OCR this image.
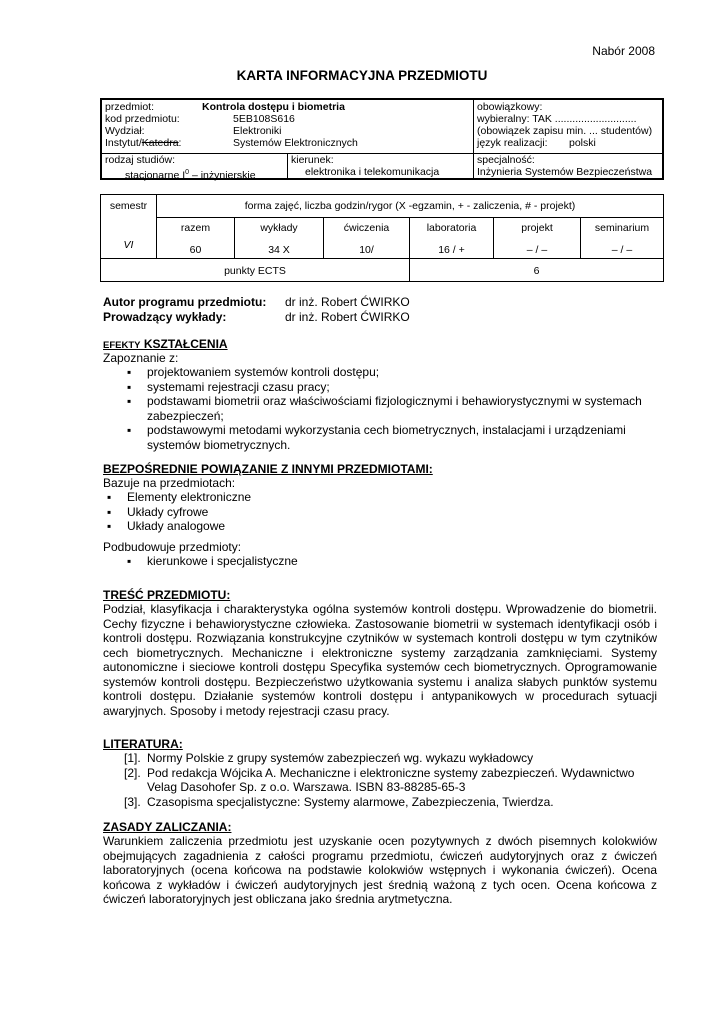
Nabór 2008
KARTA INFORMACYJNA PRZEDMIOTU
przedmiot:	Kontrola dostępu i biometria
kod przedmiotu:	5EB108S616
Wydział:	Elektroniki
Instytut/Katedra:	Systemów Elektronicznych
obowiązkowy:
wybieralny: TAK ............................
(obowiązek zapisu min. ... studentów)
język realizacji: polski
rodzaj studiów:
stacjonarne $I^0$ – inżynierskie
kierunek:
elektronika i telekomunikacja
specjalność:
Inżynieria Systemów Bezpieczeństwa
semestr	forma zajęć, liczba godzin/rygor (X -egzamin, + - zaliczenia, # - projekt)
VI
razem	wykłady	ćwiczenia	laboratoria	projekt	seminarium
60	34 X	10/	16 / +	– / –	– / –
punkty ECTS	6
Autor programu przedmiotu: dr inż. Robert ĆWIRKO
Prowadzący wykłady:	dr inż. Robert ĆWIRKO
EFEKTY KSZTAŁCENIA
Zapoznanie z:
▪ projektowaniem systemów kontroli dostępu;
▪ systemami rejestracji czasu pracy;
▪ podstawami biometrii oraz właściwościami fizjologicznymi i behawiorystycznymi w systemach zabezpieczeń;
▪ podstawowymi metodami wykorzystania cech biometrycznych, instalacjami i urządzeniami systemów biometrycznych.
BEZPOŚREDNIE POWIĄZANIE Z INNYMI PRZEDMIOTAMI:
Bazuje na przedmiotach:
▪ Elementy elektroniczne
▪ Układy cyfrowe
▪ Układy analogowe
Podbudowuje przedmioty:
▪ kierunkowe i specjalistyczne
TREŚĆ PRZEDMIOTU:
Podział, klasyfikacja i charakterystyka ogólna systemów kontroli dostępu. Wprowadzenie do biometrii. Cechy fizyczne i behawiorystyczne człowieka. Zastosowanie biometrii w systemach identyfikacji osób i kontroli dostępu. Rozwiązania konstrukcyjne czytników w systemach kontroli dostępu w tym czytników cech biometrycznych. Mechaniczne i elektroniczne systemy zarządzania zamknięciami. Systemy autonomiczne i sieciowe kontroli dostępu Specyfika systemów cech biometrycznych. Oprogramowanie systemów kontroli dostępu. Bezpieczeństwo użytkowania systemu i analiza słabych punktów systemu kontroli dostępu. Działanie systemów kontroli dostępu i antypanikowych w procedurach sytuacji awaryjnych. Sposoby i metody rejestracji czasu pracy.
LITERATURA:
[1]. Normy Polskie z grupy systemów zabezpieczeń wg. wykazu wykładowcy
[2]. Pod redakcja Wójcika A. Mechaniczne i elektroniczne systemy zabezpieczeń. Wydawnictwo Velag Dasohofer Sp. z o.o. Warszawa. ISBN 83-88285-65-3
[3]. Czasopisma specjalistyczne: Systemy alarmowe, Zabezpieczenia, Twierdza.
ZASADY ZALICZANIA:
Warunkiem zaliczenia przedmiotu jest uzyskanie ocen pozytywnych z dwóch pisemnych kolokwiów obejmujących zagadnienia z całości programu przedmiotu, ćwiczeń audytoryjnych oraz z ćwiczeń laboratoryjnych (ocena końcowa na podstawie kolokwiów wstępnych i wykonania ćwiczeń). Ocena końcowa z wykładów i ćwiczeń audytoryjnych jest średnią ważoną z tych ocen. Ocena końcowa z ćwiczeń laboratoryjnych jest obliczana jako średnia arytmetyczna.
